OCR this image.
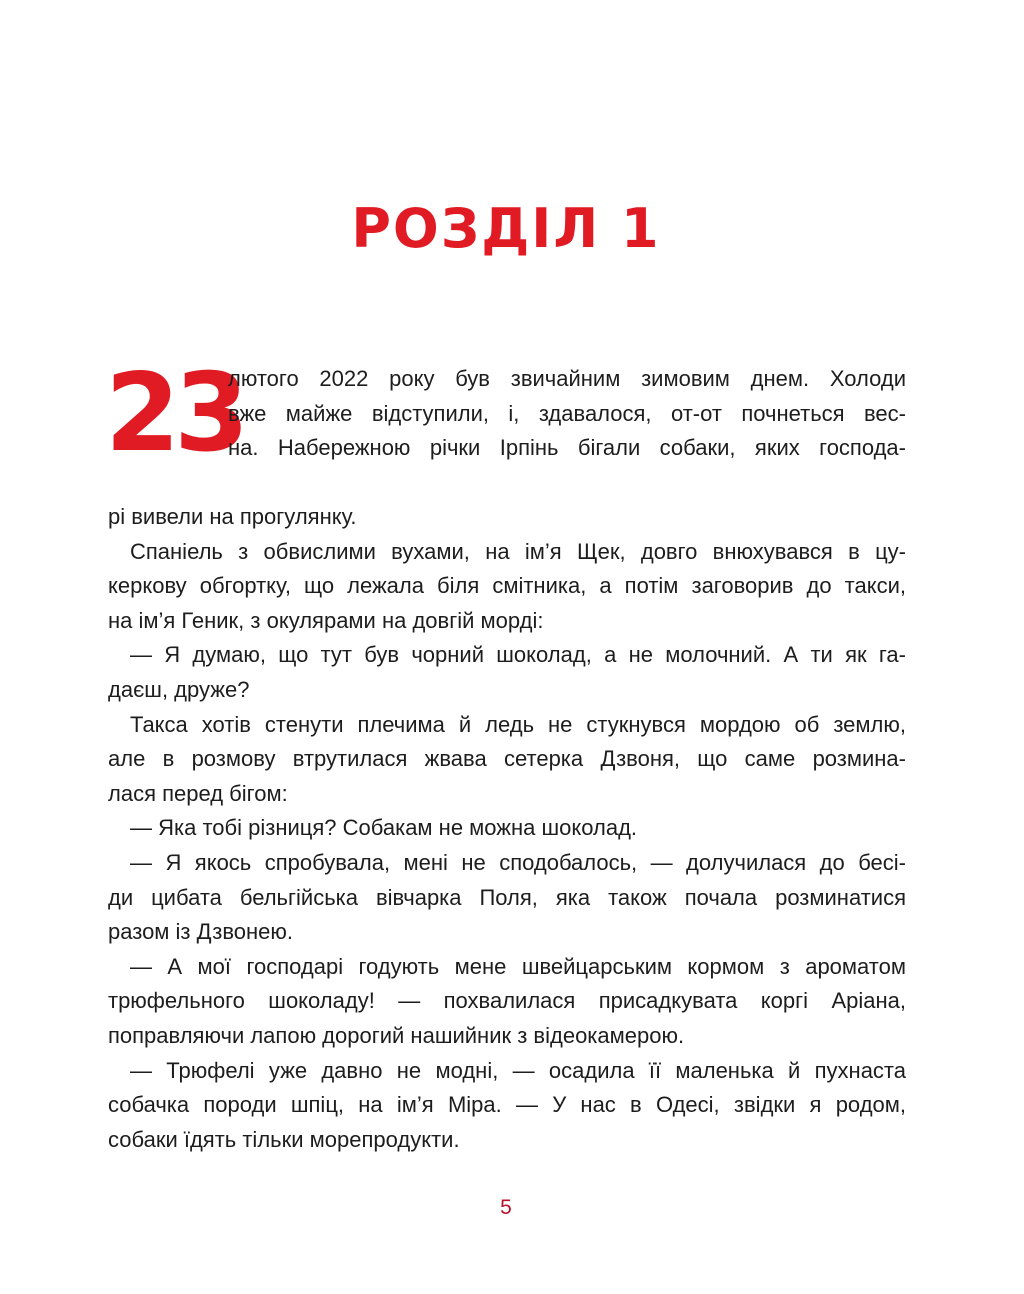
РОЗДІЛ 1
23
лютого 2022 року був звичайним зимовим днем. Холоди
вже майже відступили, і, здавалося, от-от почнеться вес-
на. Набережною річки Ірпінь бігали собаки, яких господа-
рі вивели на прогулянку.
Спаніель з обвислими вухами, на ім’я Щек, довго внюхувався в цу-
керкову обгортку, що лежала біля смітника, а потім заговорив до такси,
на ім’я Геник, з окулярами на довгій морді:
— Я думаю, що тут був чорний шоколад, а не молочний. А ти як га-
даєш, друже?
Такса хотів стенути плечима й ледь не стукнувся мордою об землю,
але в розмову втрутилася жвава сетерка Дзвоня, що саме розмина-
лася перед бігом:
— Яка тобі різниця? Собакам не можна шоколад.
— Я якось спробувала, мені не сподобалось, — долучилася до бесі-
ди цибата бельгійська вівчарка Поля, яка також почала розминатися
разом із Дзвонею.
— А мої господарі годують мене швейцарським кормом з ароматом
трюфельного шоколаду! — похвалилася присадкувата коргі Аріана,
поправляючи лапою дорогий нашийник з відеокамерою.
— Трюфелі уже давно не модні, — осадила її маленька й пухнаста
собачка породи шпіц, на ім’я Міра. — У нас в Одесі, звідки я родом,
собаки їдять тільки морепродукти.
5
